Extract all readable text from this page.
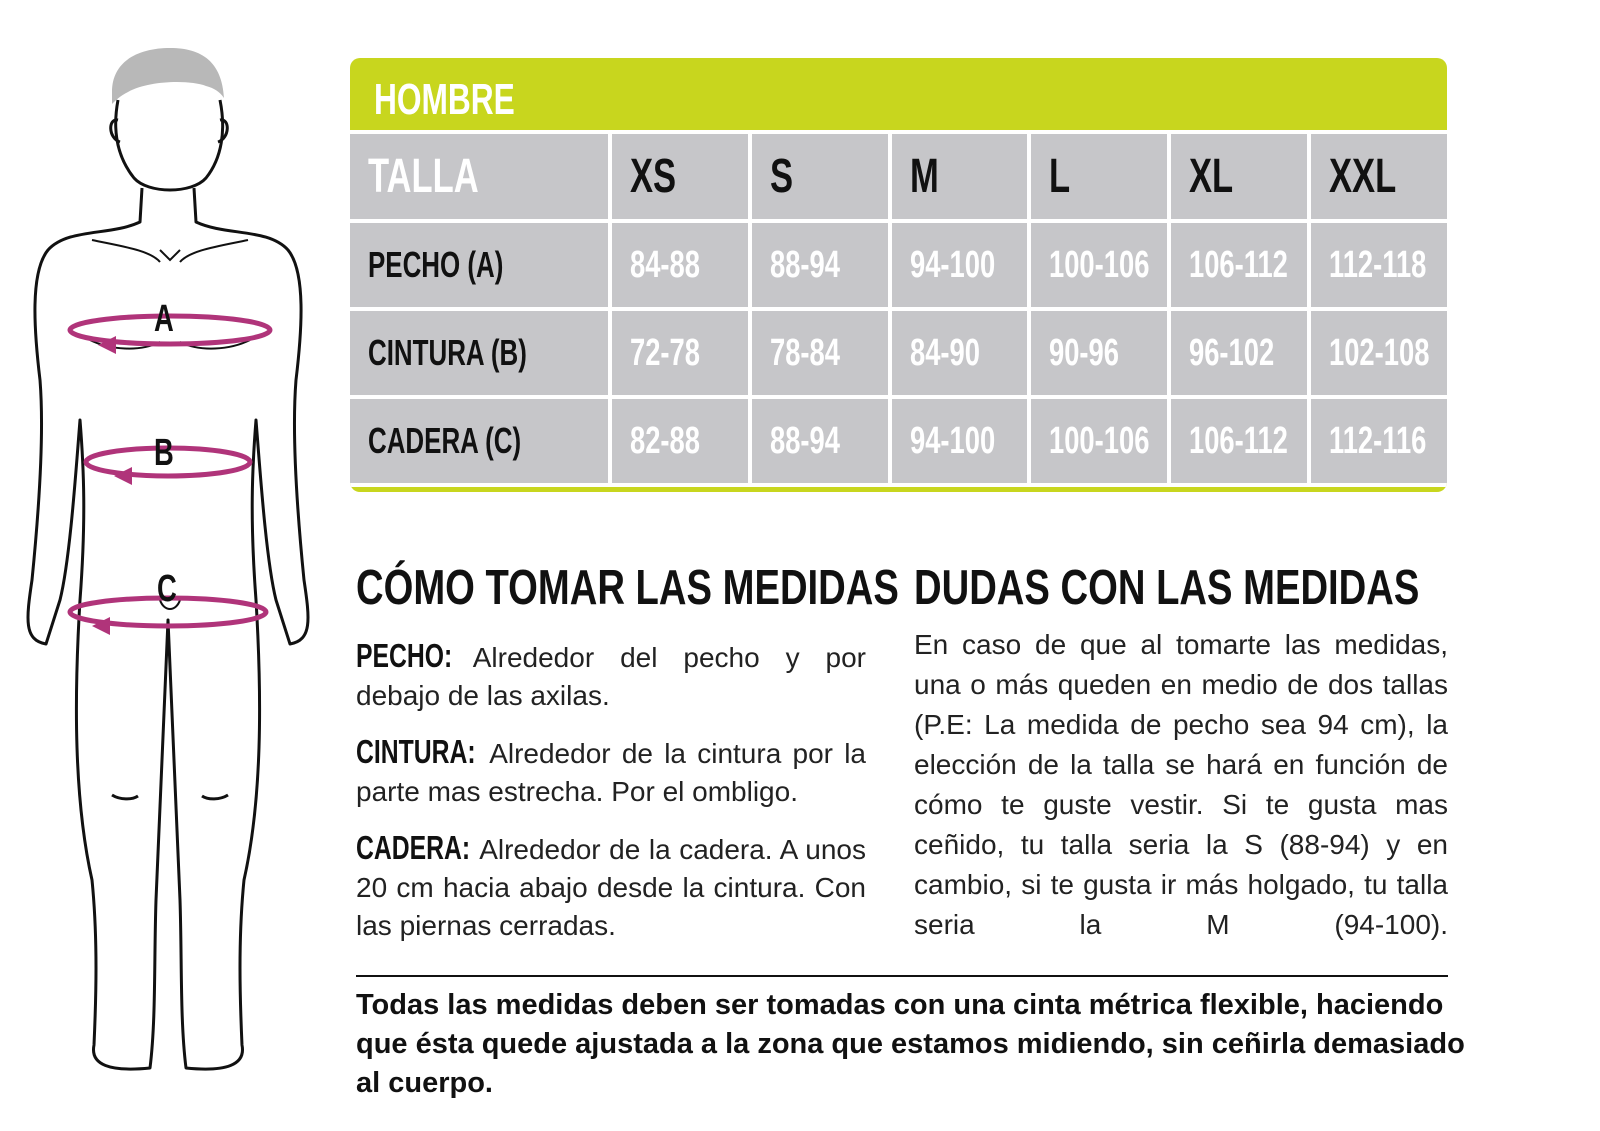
A
B
C
HOMBRE
TALLA	XS S M L XL XXL
PECHO (A)	84-88 88-94 94-100 100-106 106-112 112-118
CINTURA (B)	72-78 78-84 84-90 90-96 96-102 102-108
CADERA (C)	82-88 88-94 94-100 100-106 106-112 112-116
CÓMO TOMAR LAS MEDIDAS
PECHO: Alrededor del pecho y por debajo de las axilas.
CINTURA: Alrededor de la cintura por la parte mas estrecha. Por el ombligo.
CADERA: Alrededor de la cadera. A unos 20 cm hacia abajo desde la cintura. Con las piernas cerradas.
DUDAS CON LAS MEDIDAS
En caso de que al tomarte las medidas, una o más queden en medio de dos tallas (P.E: La medida de pecho sea 94 cm), la elección de la talla se hará en función de cómo te guste vestir. Si te gusta mas ceñido, tu talla seria la S (88-94) y en cambio, si te gusta ir más holgado, tu talla seria la M (94-100).
Todas las medidas deben ser tomadas con una cinta métrica flexible, haciendo que ésta quede ajustada a la zona que estamos midiendo, sin ceñirla demasiado al cuerpo.
